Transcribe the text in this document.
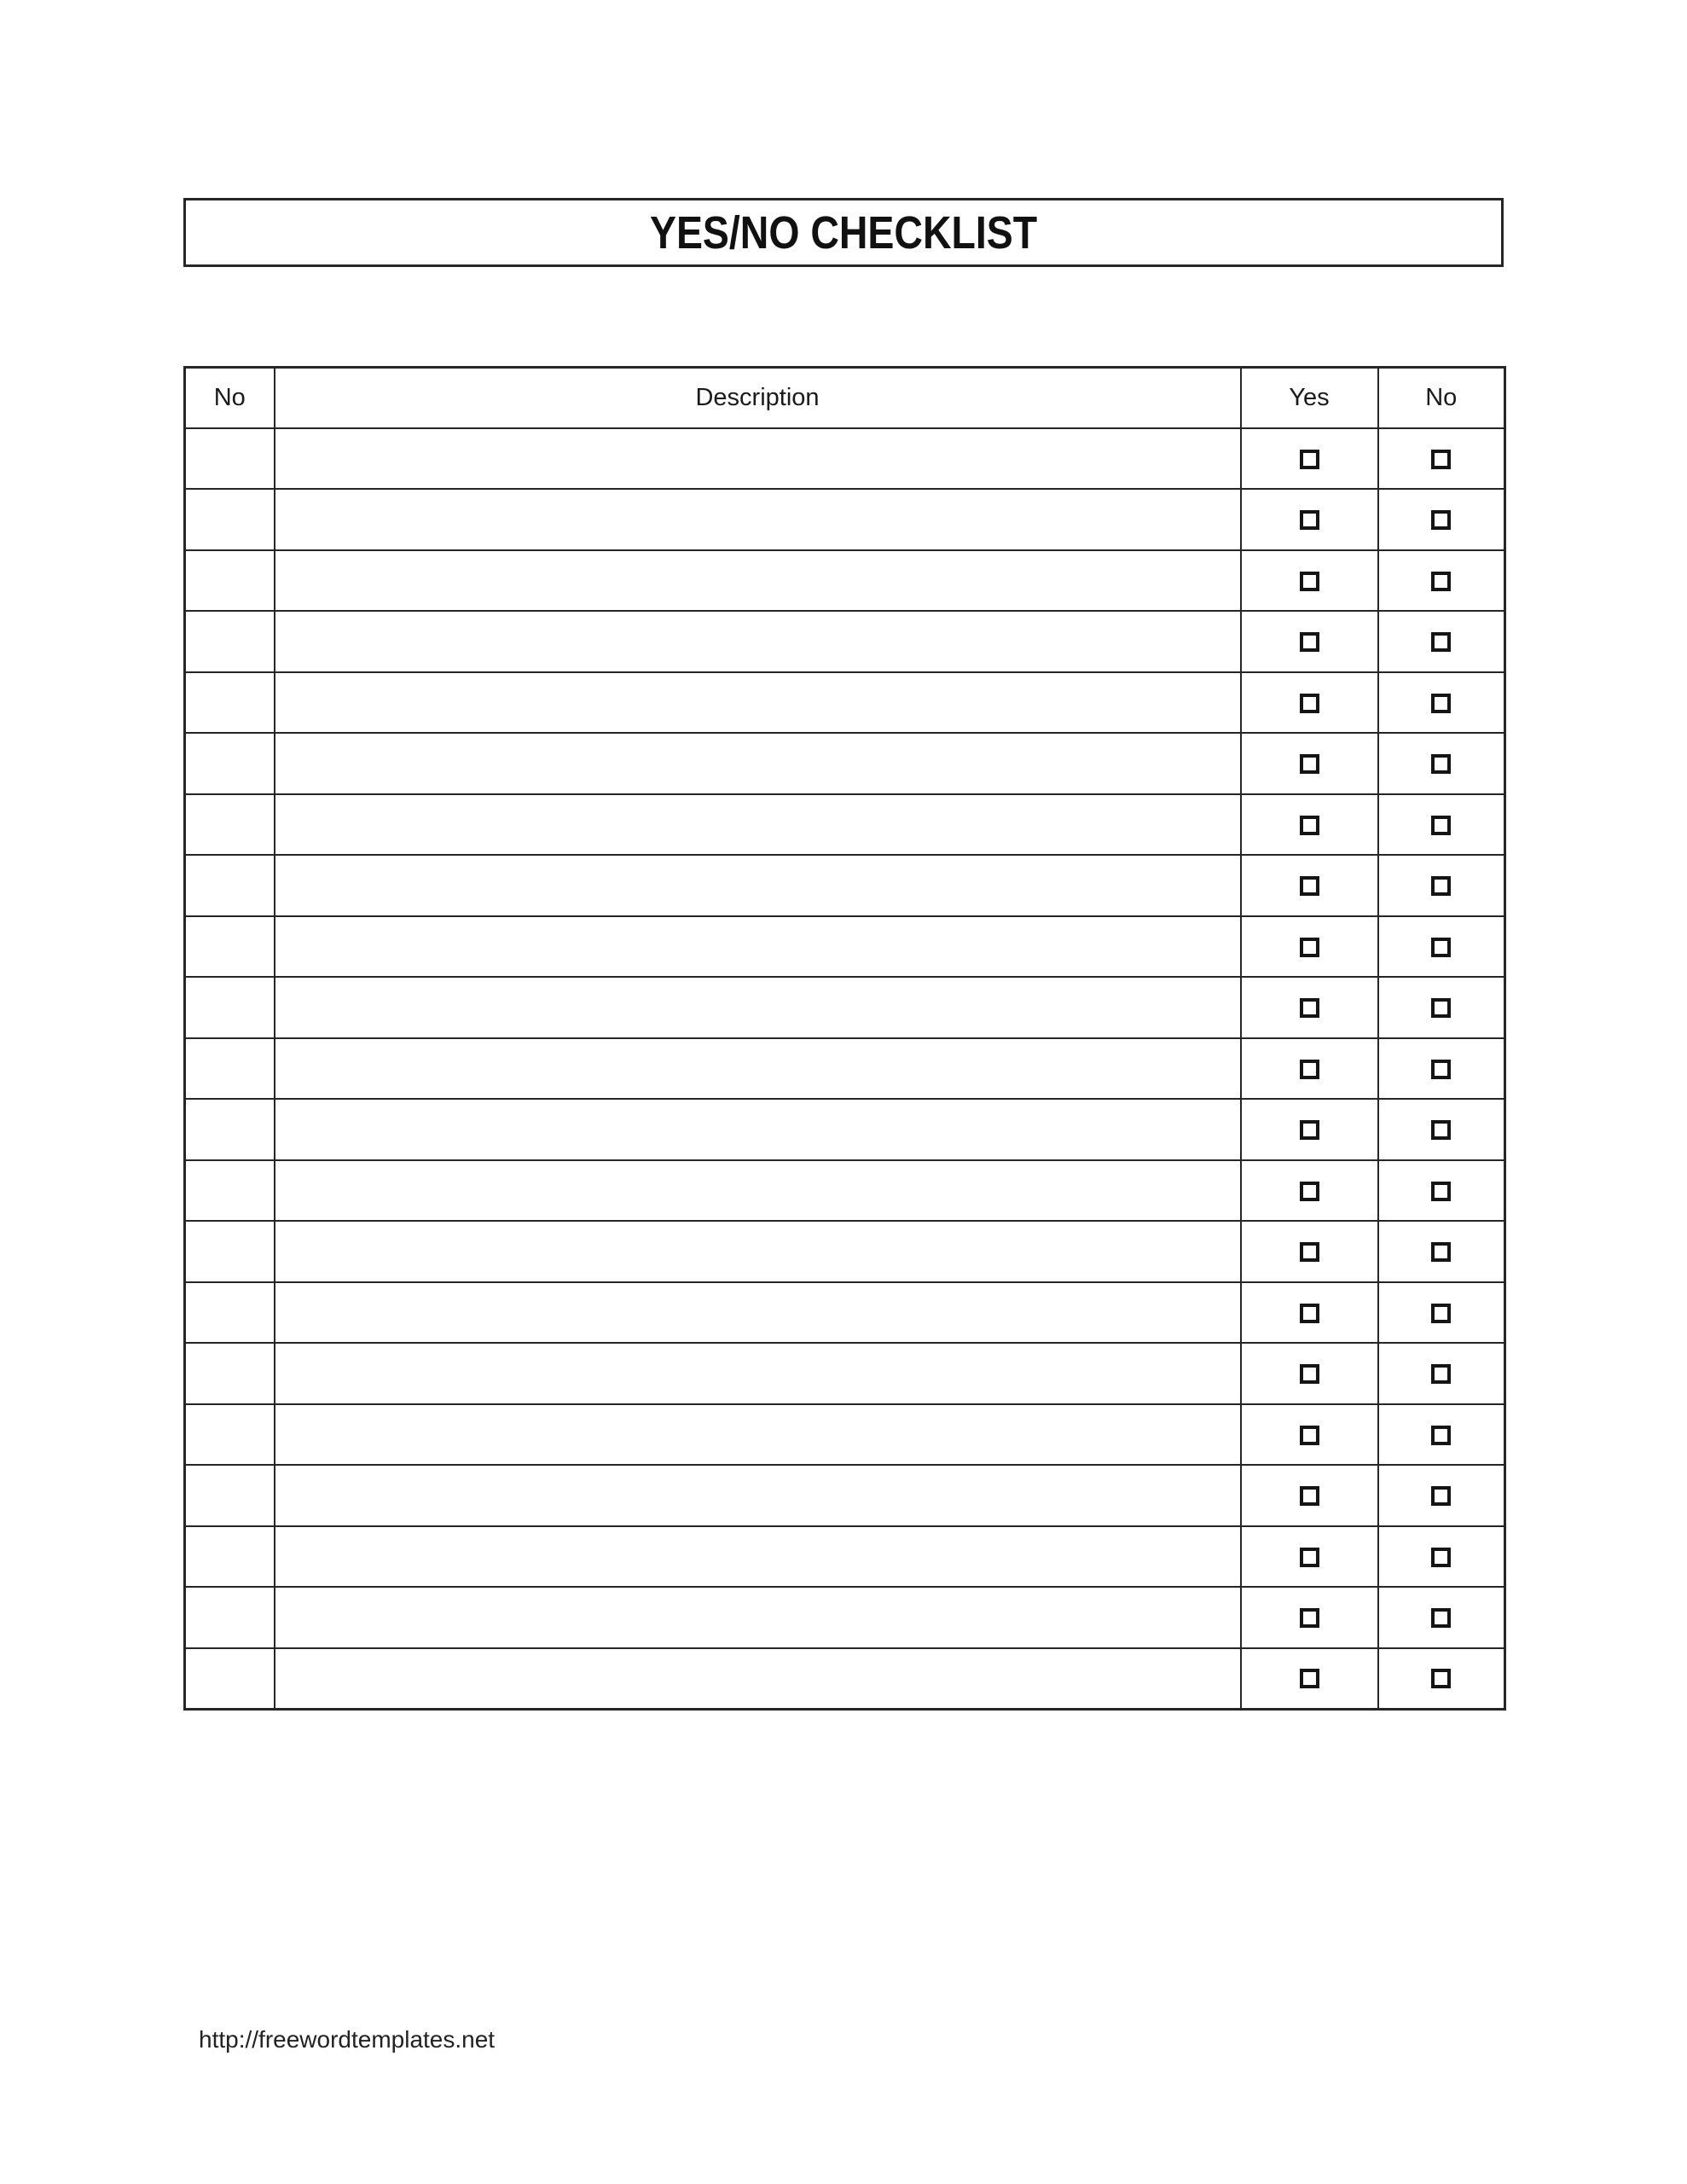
YES/NO CHECKLIST
No	Description	Yes	No

http://freewordtemplates.net
